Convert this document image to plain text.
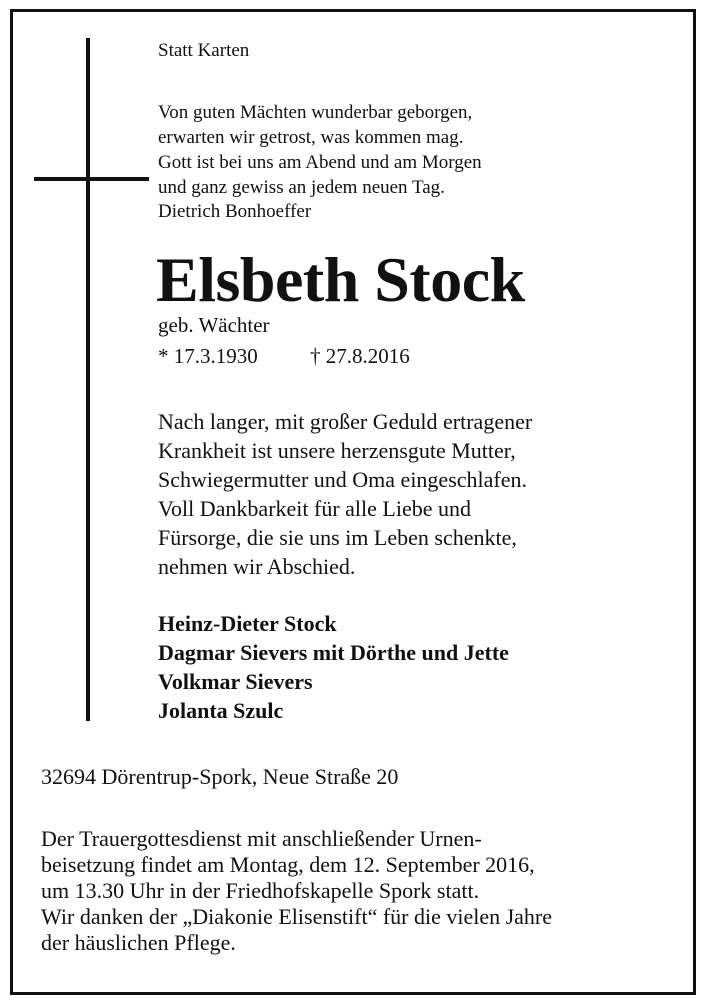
Statt Karten
Von guten Mächten wunderbar geborgen,
erwarten wir getrost, was kommen mag.
Gott ist bei uns am Abend und am Morgen
und ganz gewiss an jedem neuen Tag.
Dietrich Bonhoeffer
Elsbeth Stock
geb. Wächter
* 17.3.1930 † 27.8.2016
Nach langer, mit großer Geduld ertragener
Krankheit ist unsere herzensgute Mutter,
Schwiegermutter und Oma eingeschlafen.
Voll Dankbarkeit für alle Liebe und
Fürsorge, die sie uns im Leben schenkte,
nehmen wir Abschied.
Heinz-Dieter Stock
Dagmar Sievers mit Dörthe und Jette
Volkmar Sievers
Jolanta Szulc
32694 Dörentrup-Spork, Neue Straße 20
Der Trauergottesdienst mit anschließender Urnen-
beisetzung findet am Montag, dem 12. September 2016,
um 13.30 Uhr in der Friedhofskapelle Spork statt.
Wir danken der „Diakonie Elisenstift“ für die vielen Jahre
der häuslichen Pflege.
